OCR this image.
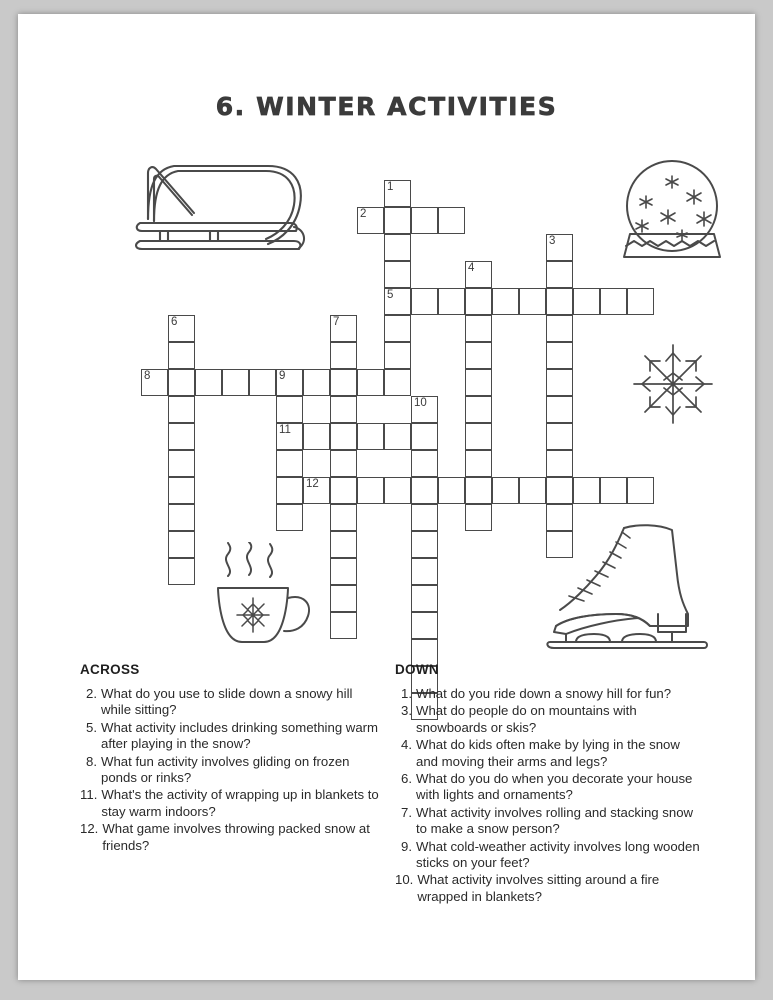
6. WINTER ACTIVITIES
1
2
3
4
5
6	7
8	9
10
11
12
ACROSS
2. What do you use to slide down a snowy hill while sitting?
5. What activity includes drinking something warm after playing in the snow?
8. What fun activity involves gliding on frozen ponds or rinks?
11. What's the activity of wrapping up in blankets to stay warm indoors?
12. What game involves throwing packed snow at friends?
DOWN
1. What do you ride down a snowy hill for fun?
3. What do people do on mountains with snowboards or skis?
4. What do kids often make by lying in the snow and moving their arms and legs?
6. What do you do when you decorate your house with lights and ornaments?
7. What activity involves rolling and stacking snow to make a snow person?
9. What cold-weather activity involves long wooden sticks on your feet?
10. What activity involves sitting around a fire wrapped in blankets?
